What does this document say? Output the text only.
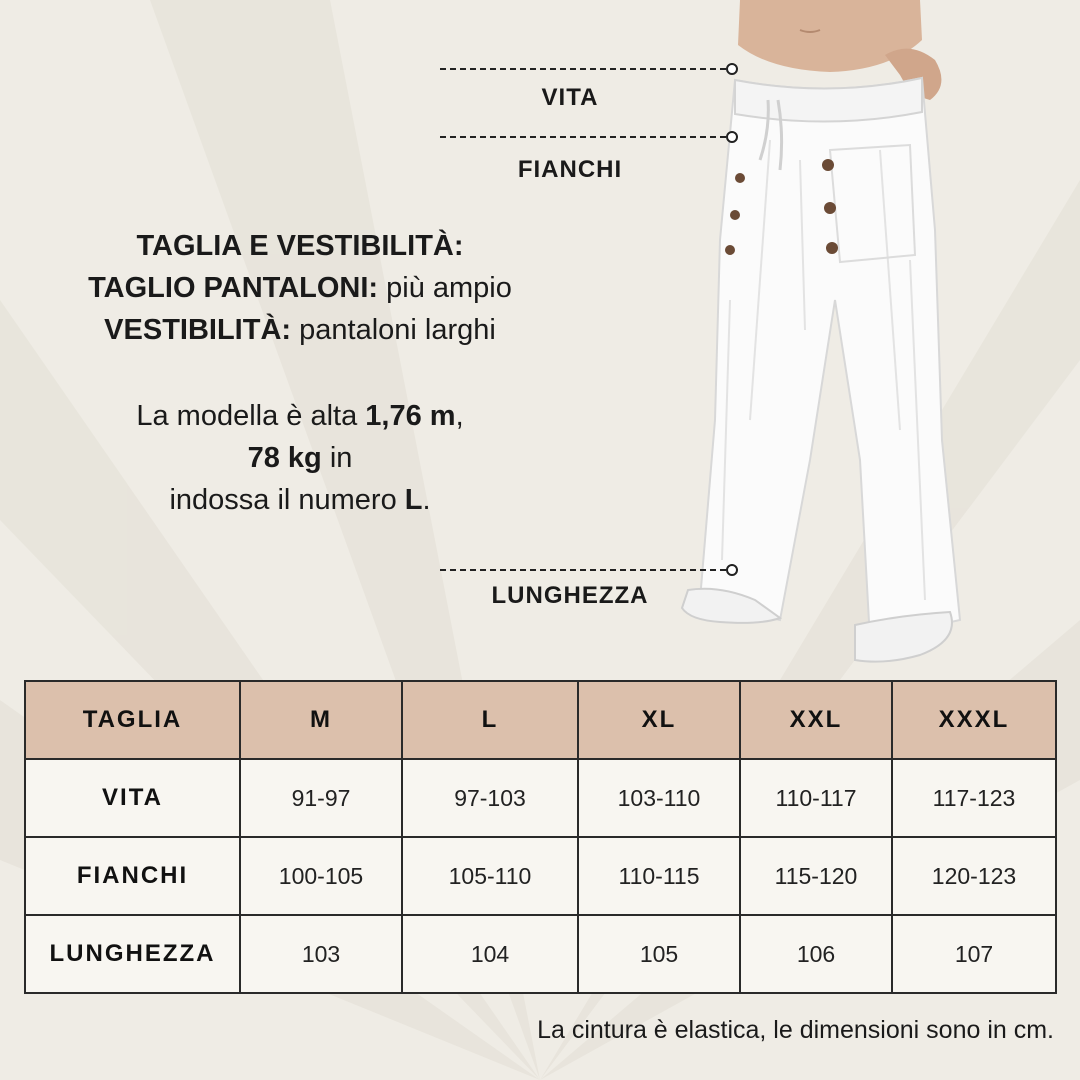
VITA
FIANCHI
LUNGHEZZA
TAGLIA E VESTIBILITÀ:
TAGLIO PANTALONI: più ampio
VESTIBILITÀ: pantaloni larghi
La modella è alta 1,76 m,
78 kg in
indossa il numero L.
TAGLIA	M	L	XL	XXL	XXXL
VITA	91-97	97-103	103-110	110-117	117-123
FIANCHI	100-105	105-110	110-115	115-120	120-123
LUNGHEZZA	103	104	105	106	107
La cintura è elastica, le dimensioni sono in cm.
